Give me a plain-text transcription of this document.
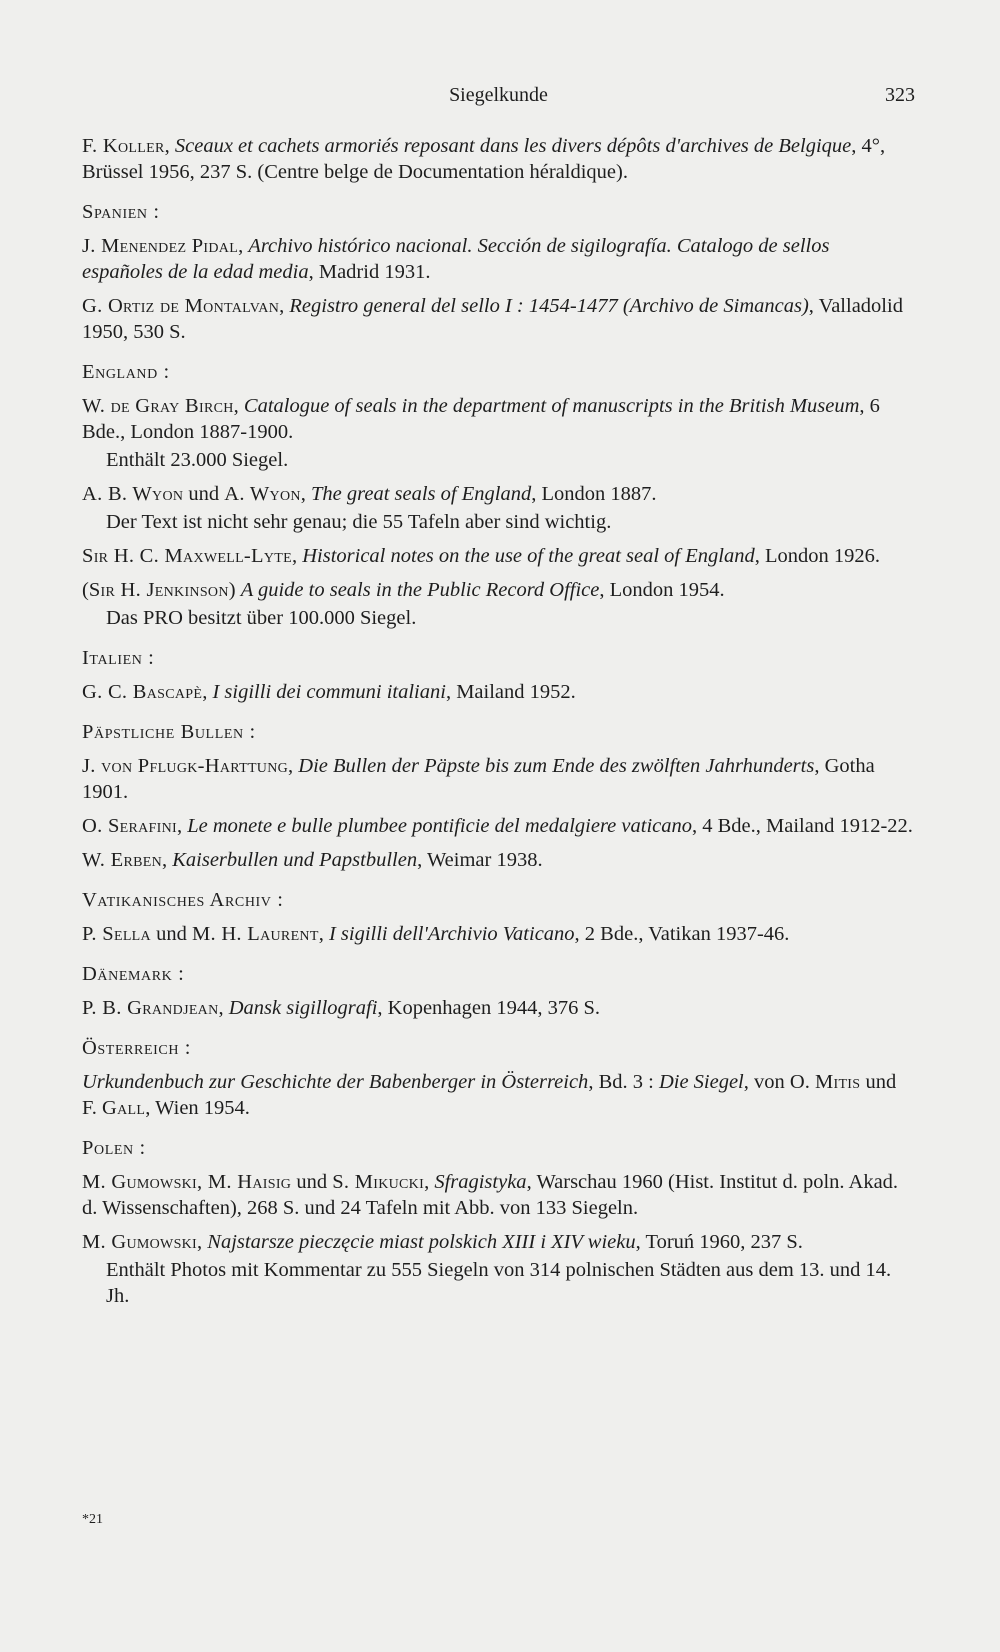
Siegelkunde	323
F. Koller, Sceaux et cachets armoriés reposant dans les divers dépôts d'archives de Belgique, 4°, Brüssel 1956, 237 S. (Centre belge de Documentation héraldique).
Spanien :
J. Menendez Pidal, Archivo histórico nacional. Sección de sigilografía. Catalogo de sellos españoles de la edad media, Madrid 1931.
G. Ortiz de Montalvan, Registro general del sello I : 1454-1477 (Archivo de Simancas), Valladolid 1950, 530 S.
England :
W. de Gray Birch, Catalogue of seals in the department of manuscripts in the British Museum, 6 Bde., London 1887-1900.
Enthält 23.000 Siegel.
A. B. Wyon und A. Wyon, The great seals of England, London 1887.
Der Text ist nicht sehr genau; die 55 Tafeln aber sind wichtig.
Sir H. C. Maxwell-Lyte, Historical notes on the use of the great seal of England, London 1926.
(Sir H. Jenkinson) A guide to seals in the Public Record Office, London 1954.
Das PRO besitzt über 100.000 Siegel.
Italien :
G. C. Bascapè, I sigilli dei communi italiani, Mailand 1952.
Päpstliche Bullen :
J. von Pflugk-Harttung, Die Bullen der Päpste bis zum Ende des zwölften Jahrhunderts, Gotha 1901.
O. Serafini, Le monete e bulle plumbee pontificie del medalgiere vaticano, 4 Bde., Mailand 1912-22.
W. Erben, Kaiserbullen und Papstbullen, Weimar 1938.
Vatikanisches Archiv :
P. Sella und M. H. Laurent, I sigilli dell'Archivio Vaticano, 2 Bde., Vatikan 1937-46.
Dänemark :
P. B. Grandjean, Dansk sigillografi, Kopenhagen 1944, 376 S.
Österreich :
Urkundenbuch zur Geschichte der Babenberger in Österreich, Bd. 3 : Die Siegel, von O. Mitis und F. Gall, Wien 1954.
Polen :
M. Gumowski, M. Haisig und S. Mikucki, Sfragistyka, Warschau 1960 (Hist. Institut d. poln. Akad. d. Wissenschaften), 268 S. und 24 Tafeln mit Abb. von 133 Siegeln.
M. Gumowski, Najstarsze pieczęcie miast polskich XIII i XIV wieku, Toruń 1960, 237 S.
Enthält Photos mit Kommentar zu 555 Siegeln von 314 polnischen Städten aus dem 13. und 14. Jh.
*21
